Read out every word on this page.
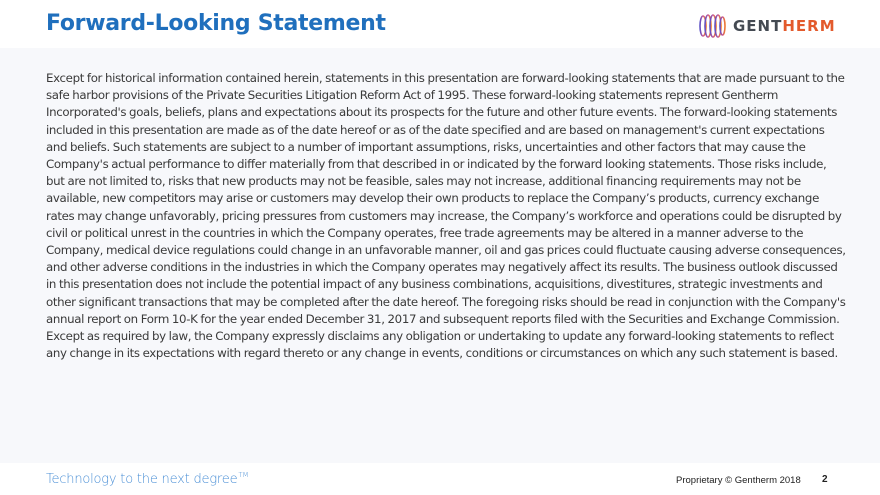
Forward-Looking Statement	GENTHERM

Except for historical information contained herein, statements in this presentation are forward-looking statements that are made pursuant to the safe harbor provisions of the Private Securities Litigation Reform Act of 1995. These forward-looking statements represent Gentherm Incorporated's goals, beliefs, plans and expectations about its prospects for the future and other future events. The forward-looking statements included in this presentation are made as of the date hereof or as of the date specified and are based on management's current expectations and beliefs. Such statements are subject to a number of important assumptions, risks, uncertainties and other factors that may cause the Company's actual performance to differ materially from that described in or indicated by the forward looking statements. Those risks include, but are not limited to, risks that new products may not be feasible, sales may not increase, additional financing requirements may not be available, new competitors may arise or customers may develop their own products to replace the Company’s products, currency exchange rates may change unfavorably, pricing pressures from customers may increase, the Company’s workforce and operations could be disrupted by civil or political unrest in the countries in which the Company operates, free trade agreements may be altered in a manner adverse to the Company, medical device regulations could change in an unfavorable manner, oil and gas prices could fluctuate causing adverse consequences, and other adverse conditions in the industries in which the Company operates may negatively affect its results. The business outlook discussed in this presentation does not include the potential impact of any business combinations, acquisitions, divestitures, strategic investments and other significant transactions that may be completed after the date hereof. The foregoing risks should be read in conjunction with the Company's annual report on Form 10-K for the year ended December 31, 2017 and subsequent reports filed with the Securities and Exchange Commission. Except as required by law, the Company expressly disclaims any obligation or undertaking to update any forward-looking statements to reflect any change in its expectations with regard thereto or any change in events, conditions or circumstances on which any such statement is based.

Technology to the next degree™	Proprietary © Gentherm 2018 2
